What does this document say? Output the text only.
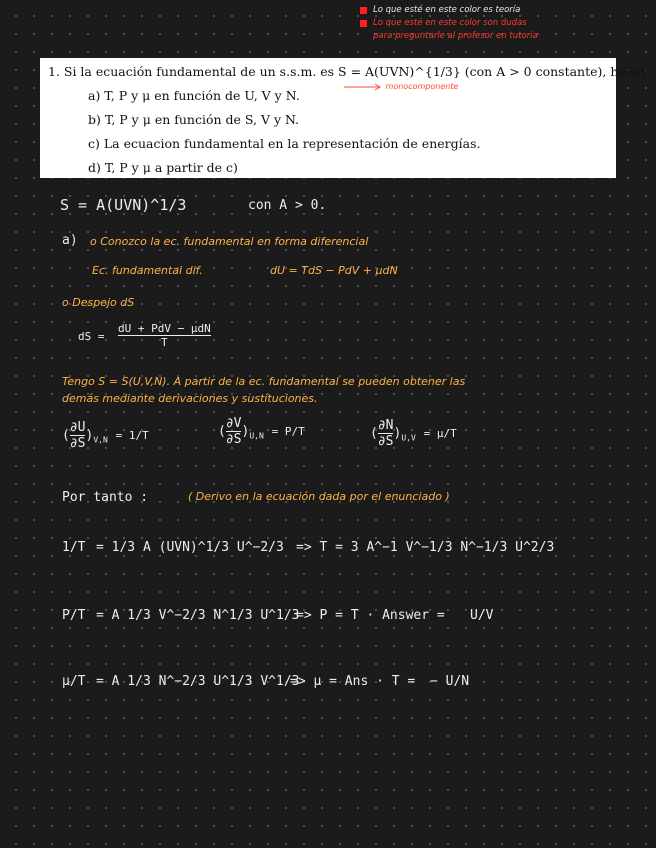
Lo que esté en este color es teoría
Lo que esté en este color son dudas
para preguntarle al profesor en tutoría
1. Si la ecuación fundamental de un s.s.m. es S = A(UVN)^{1/3} (con A > 0 constante), hallar:
a) T, P y μ en función de U, V y N.
b) T, P y μ en función de S, V y N.
c) La ecuacion fundamental en la representación de energías.
d) T, P y μ a partir de c)
monocomponente
S = A(UVN)^1/3	con A > 0.
a) o Conozco la ec. fundamental en forma diferencial
Ec. fundamental dif.	dU = TdS − PdV + μdN
o Despejo dS
dS = $\frac{\text{dU + PdV − μdN}}{T}$
Tengo S = S(U,V,N). A partir de la ec. fundamental se pueden obtener las
demás mediante derivaciones y sustituciones.
( $\frac{\partial U}{\partial S} )_{V,N} = 1/T$	( $\frac{\partial V}{\partial S} )_{U,N} = P/T$	( $\frac{\partial N}{\partial S} )_{U,V} = \mu/T$
Por tanto :	( Derivo en la ecuación dada por el enunciado )
1/T = 1/3 A (UVN)^1/3 U^−2/3 => T = 3 A^−1 V^−1/3 N^−1/3 U^2/3
P/T = A 1/3 V^−2/3 N^1/3 U^1/3
=> P = T · Answer = U/V
μ/T = A 1/3 N^−2/3 U^1/3 V^1/3
=> μ = Ans · T = − U/N
